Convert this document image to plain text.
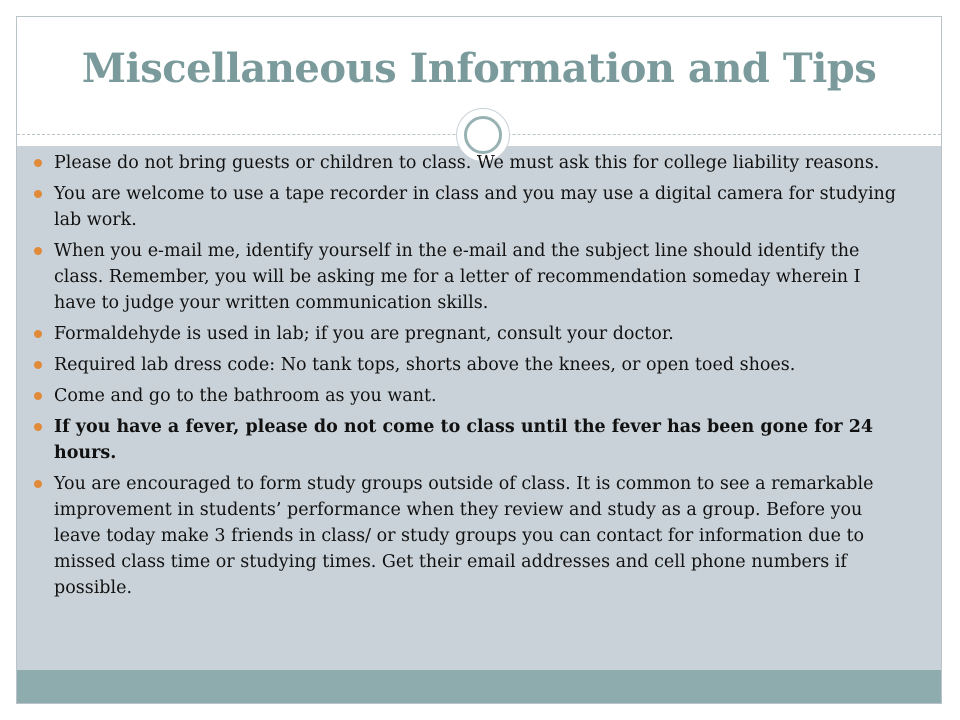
Miscellaneous Information and Tips
Please do not bring guests or children to class. We must ask this for college liability reasons.
You are welcome to use a tape recorder in class and you may use a digital camera for studying lab work.
When you e-mail me, identify yourself in the e-mail and the subject line should identify the class. Remember, you will be asking me for a letter of recommendation someday wherein I have to judge your written communication skills.
Formaldehyde is used in lab; if you are pregnant, consult your doctor.
Required lab dress code: No tank tops, shorts above the knees, or open toed shoes.
Come and go to the bathroom as you want.
If you have a fever, please do not come to class until the fever has been gone for 24 hours.
You are encouraged to form study groups outside of class. It is common to see a remarkable improvement in students’ performance when they review and study as a group. Before you leave today make 3 friends in class/ or study groups you can contact for information due to missed class time or studying times. Get their email addresses and cell phone numbers if possible.
